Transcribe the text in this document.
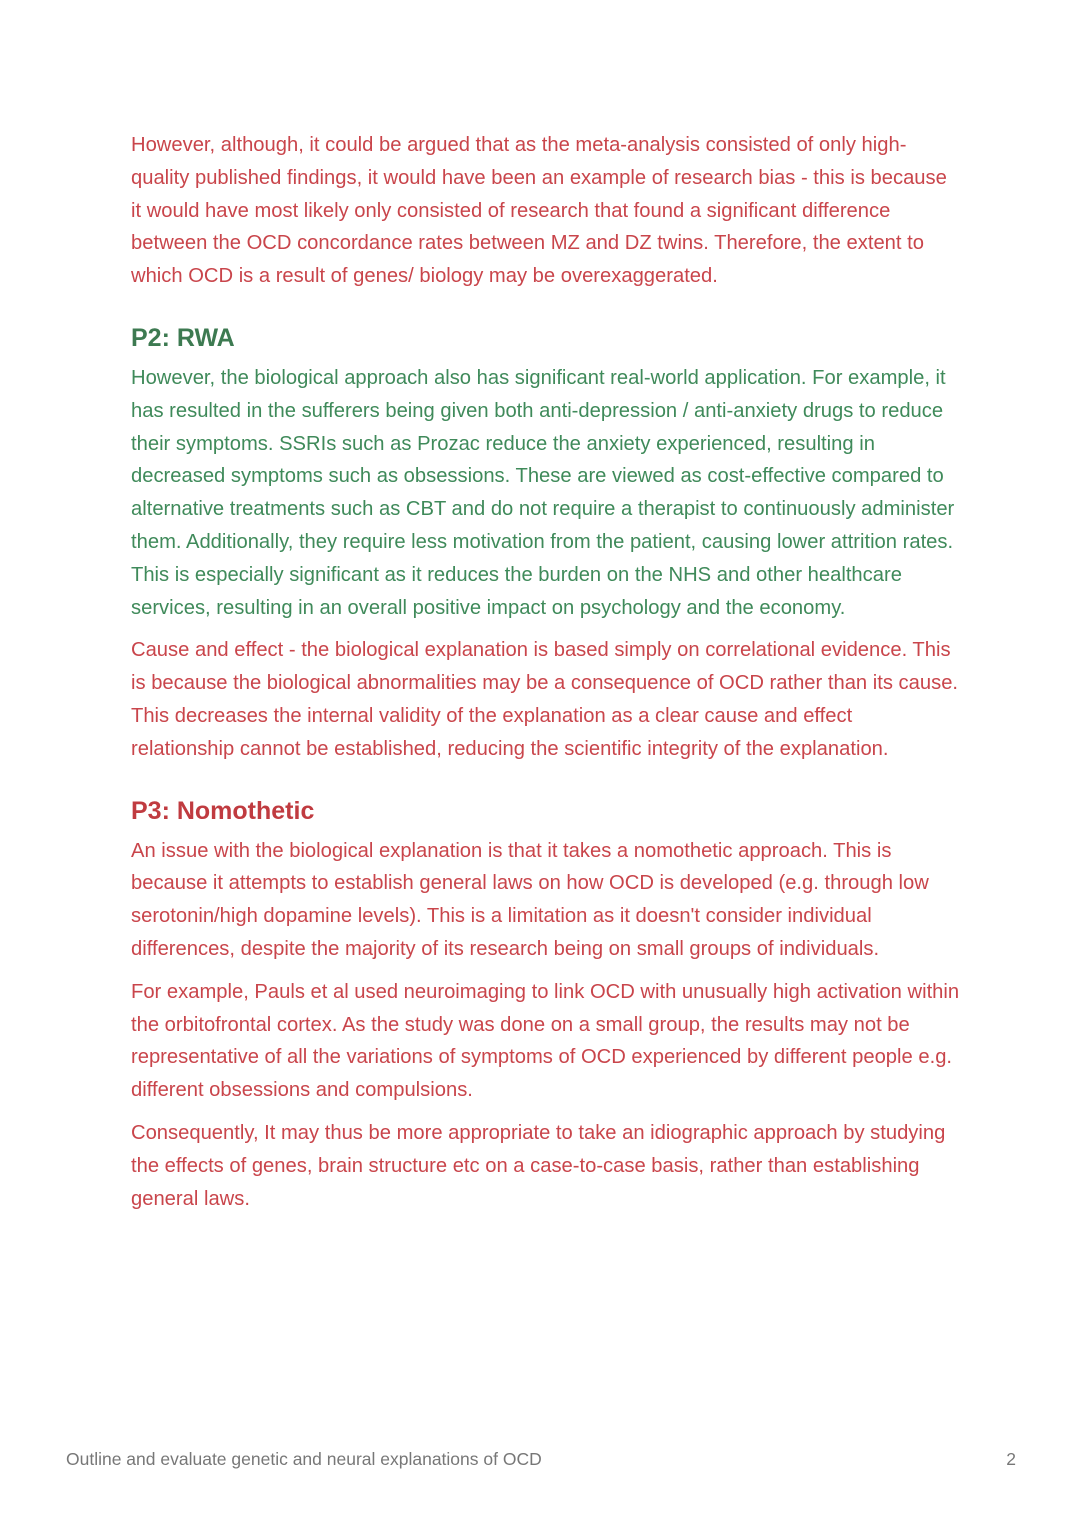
However, although, it could be argued that as the meta-analysis consisted of only high-quality published findings, it would have been an example of research bias - this is because it would have most likely only consisted of research that found a significant difference between the OCD concordance rates between MZ and DZ twins. Therefore, the extent to which OCD is a result of genes/ biology may be overexaggerated.

P2: RWA

However, the biological approach also has significant real-world application. For example, it has resulted in the sufferers being given both anti-depression / anti-anxiety drugs to reduce their symptoms. SSRIs such as Prozac reduce the anxiety experienced, resulting in decreased symptoms such as obsessions. These are viewed as cost-effective compared to alternative treatments such as CBT and do not require a therapist to continuously administer them. Additionally, they require less motivation from the patient, causing lower attrition rates. This is especially significant as it reduces the burden on the NHS and other healthcare services, resulting in an overall positive impact on psychology and the economy.

Cause and effect - the biological explanation is based simply on correlational evidence. This is because the biological abnormalities may be a consequence of OCD rather than its cause. This decreases the internal validity of the explanation as a clear cause and effect relationship cannot be established, reducing the scientific integrity of the explanation.

P3: Nomothetic

An issue with the biological explanation is that it takes a nomothetic approach. This is because it attempts to establish general laws on how OCD is developed (e.g. through low serotonin/high dopamine levels). This is a limitation as it doesn't consider individual differences, despite the majority of its research being on small groups of individuals.

For example, Pauls et al used neuroimaging to link OCD with unusually high activation within the orbitofrontal cortex. As the study was done on a small group, the results may not be representative of all the variations of symptoms of OCD experienced by different people e.g. different obsessions and compulsions.

Consequently, It may thus be more appropriate to take an idiographic approach by studying the effects of genes, brain structure etc on a case-to-case basis, rather than establishing general laws.

Outline and evaluate genetic and neural explanations of OCD	2
